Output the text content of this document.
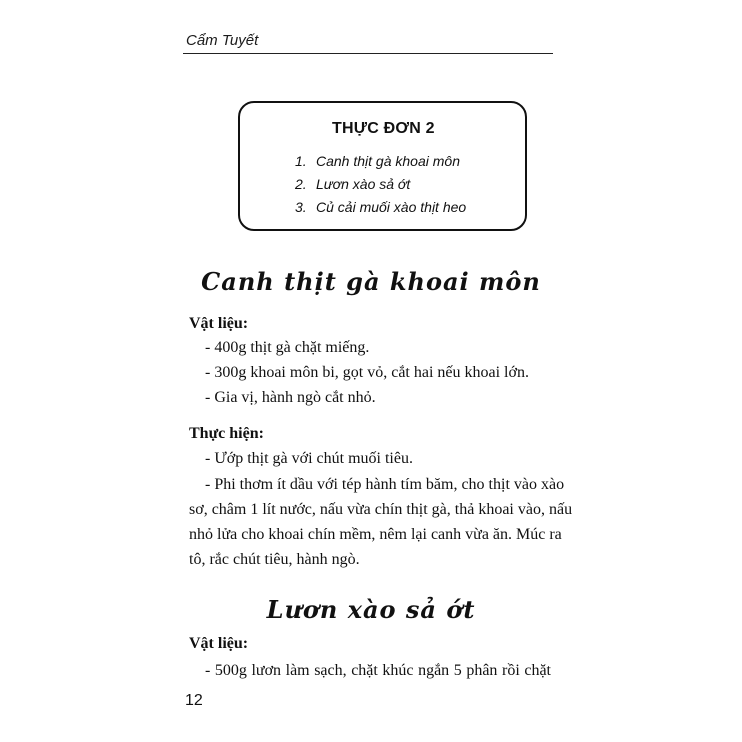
Cẩm Tuyết
THỰC ĐƠN 2
1. Canh thịt gà khoai môn
2. Lươn xào sả ớt
3. Củ cải muối xào thịt heo
Canh thịt gà khoai môn
Vật liệu:
- 400g thịt gà chặt miếng.
- 300g khoai môn bi, gọt vỏ, cắt hai nếu khoai lớn.
- Gia vị, hành ngò cắt nhỏ.
Thực hiện:
- Ướp thịt gà với chút muối tiêu.
- Phi thơm ít dầu với tép hành tím băm, cho thịt vào xào
sơ, châm 1 lít nước, nấu vừa chín thịt gà, thả khoai vào, nấu
nhỏ lửa cho khoai chín mềm, nêm lại canh vừa ăn. Múc ra
tô, rắc chút tiêu, hành ngò.
Lươn xào sả ớt
Vật liệu:
- 500g lươn làm sạch, chặt khúc ngắn 5 phân rồi chặt
12
